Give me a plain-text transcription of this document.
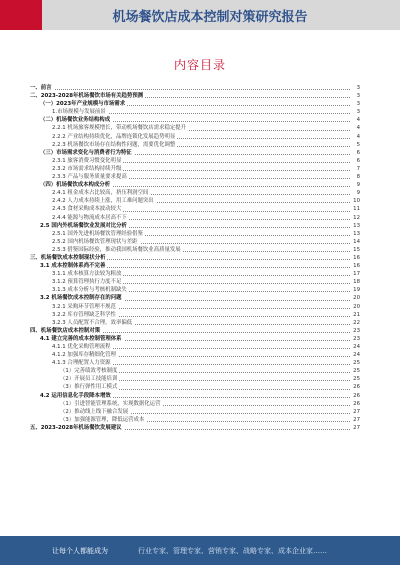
机场餐饮店成本控制对策研究报告
内容目录
一、前言	3
二、2023-2028年机场餐饮市场有关趋势预测	3
（一）2023年产业规模与市场需求	3
1.市场规模与发展前景	3
（二）机场餐饮业务结构构成	4
2.2.1 机场旅客规模增长，带动机场餐饮店需求稳定提升	4
2.2.2 产业结构持续优化，品牌连锁化发展趋势明显	4
2.2.3 机场餐饮市场存在结构性问题，需要优化调整	5
（三）市场需求变化与消费者行为特征	6
2.3.1 旅客消费习惯变化明显	6
2.3.2 市场需求结构持续升级	7
2.3.3 产品与服务质量要求提高	8
（四）机场餐饮成本构成分析	9
2.4.1 租金成本占比较高，挤压利润空间	9
2.4.2 人力成本持续上涨，用工难问题突出	10
2.4.3 食材采购成本波动较大	11
2.4.4 能源与物流成本居高不下	12
2.5 国内外机场餐饮业发展对比分析	13
2.5.1 国外先进机场餐饮管理经验借鉴	13
2.5.2 国内机场餐饮管理现状与差距	14
2.5.3 借鉴国际经验，推动我国机场餐饮业高质量发展	15
三、机场餐饮成本控制现状分析	16
3.1 成本控制体系尚不完善	16
3.1.1 成本核算方法较为粗放	17
3.1.2 预算管理执行力度不足	18
3.1.3 成本分析与考核机制缺失	19
3.2 机场餐饮成本控制存在的问题	20
3.2.1 采购环节管理不规范	20
3.2.2 库存管理缺乏科学性	21
3.2.3 人员配置不合理，效率偏低	22
四、机场餐饮店成本控制对策	23
4.1 建立完善的成本控制管理体系	23
4.1.1 优化采购管理流程	24
4.1.2 加强库存精细化管理	24
4.1.3 合理配置人力资源	25
（1）完善绩效考核制度	25
（2）开展员工技能培训	25
（3）推行弹性用工模式	26
4.2 运用信息化手段降本增效	26
（1）引进智能管理系统，实现数据化运营	26
（2）推动线上线下融合发展	27
（3）加强能源管理，降低运营成本	27
五、2023-2028年机场餐饮发展建议	27
让每个人都能成为	行业专家、管理专家、营销专家、战略专家、成本企业家……
